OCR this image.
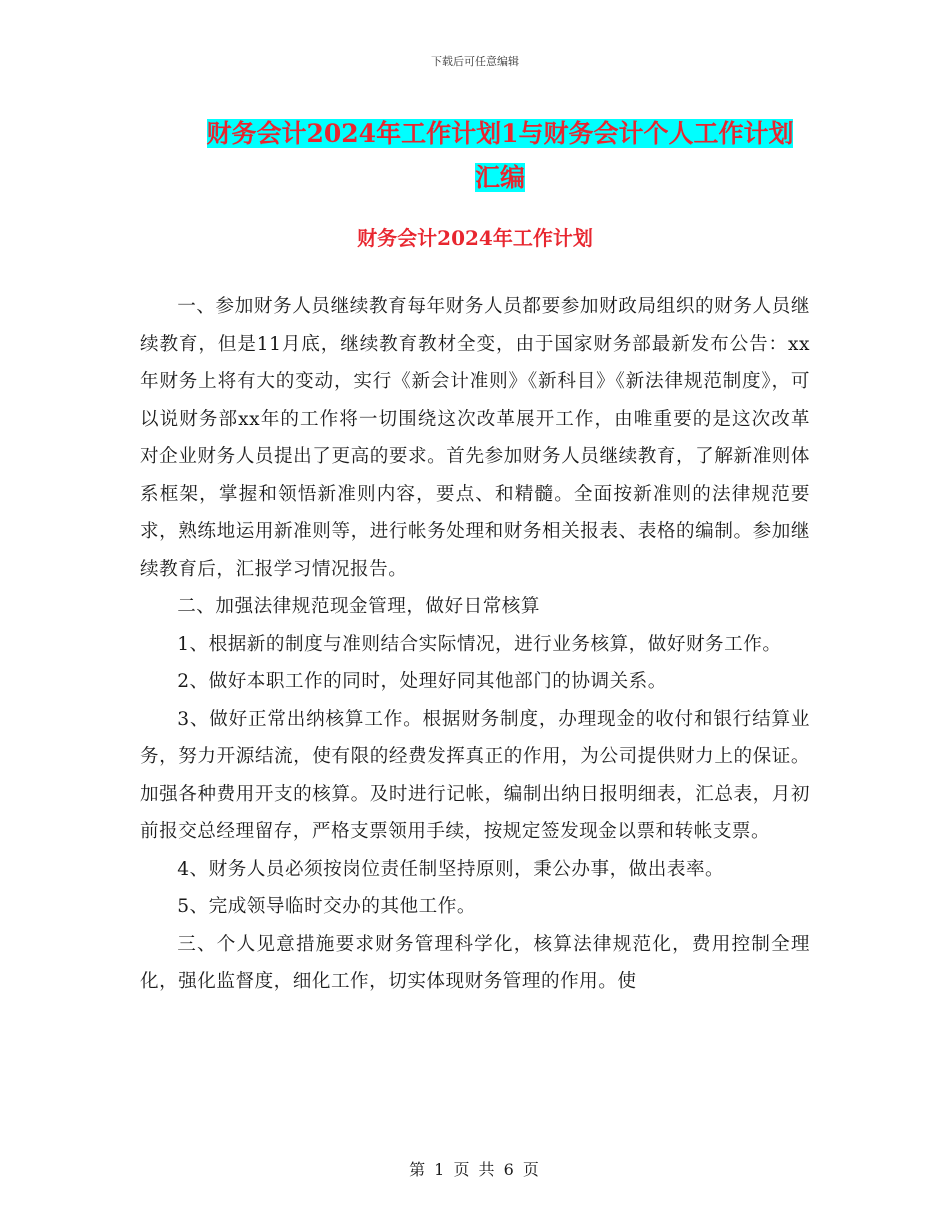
下载后可任意编辑
财务会计2024年工作计划1与财务会计个人工作计划
汇编
财务会计2024年工作计划

一、参加财务人员继续教育每年财务人员都要参加财政局组织的财务人员继续教育，但是11月底，继续教育教材全变，由于国家财务部最新发布公告：xx年财务上将有大的变动，实行《新会计准则》《新科目》《新法律规范制度》，可以说财务部xx年的工作将一切围绕这次改革展开工作，由唯重要的是这次改革对企业财务人员提出了更高的要求。首先参加财务人员继续教育，了解新准则体系框架，掌握和领悟新准则内容，要点、和精髓。全面按新准则的法律规范要求，熟练地运用新准则等，进行帐务处理和财务相关报表、表格的编制。参加继续教育后，汇报学习情况报告。

二、加强法律规范现金管理，做好日常核算

1、根据新的制度与准则结合实际情况，进行业务核算，做好财务工作。

2、做好本职工作的同时，处理好同其他部门的协调关系。

3、做好正常出纳核算工作。根据财务制度，办理现金的收付和银行结算业务，努力开源结流，使有限的经费发挥真正的作用，为公司提供财力上的保证。加强各种费用开支的核算。及时进行记帐，编制出纳日报明细表，汇总表，月初前报交总经理留存，严格支票领用手续，按规定签发现金以票和转帐支票。

4、财务人员必须按岗位责任制坚持原则，秉公办事，做出表率。

5、完成领导临时交办的其他工作。

三、个人见意措施要求财务管理科学化，核算法律规范化，费用控制全理化，强化监督度，细化工作，切实体现财务管理的作用。使

第 1 页 共 6 页
